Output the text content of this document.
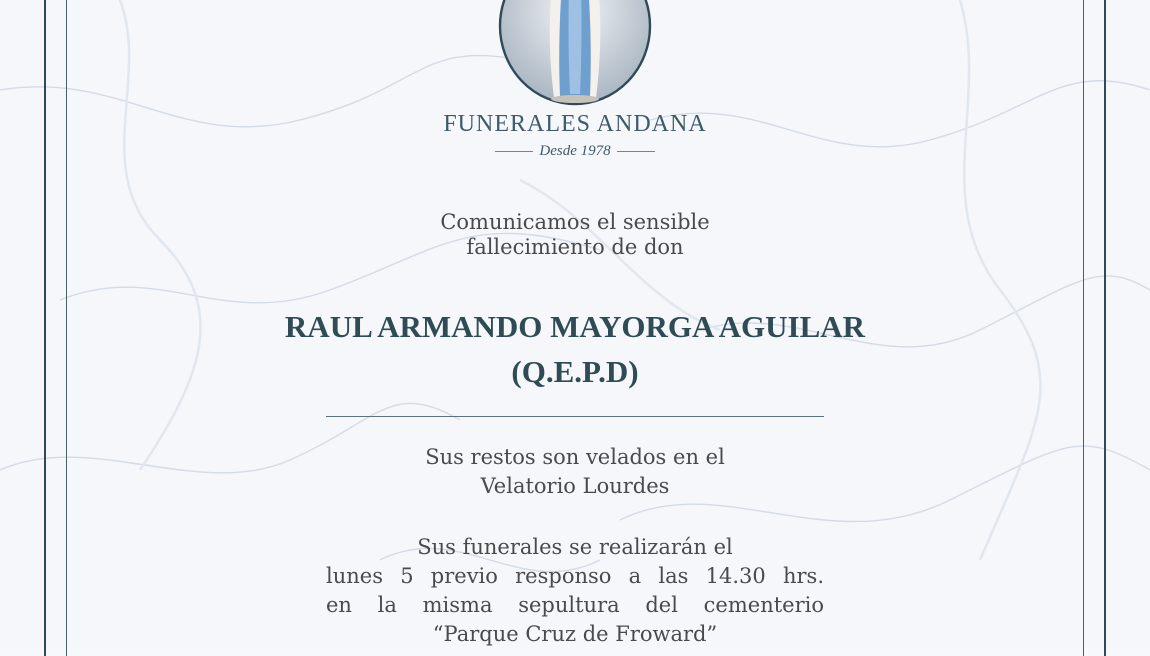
FUNERALES ANDANA
Desde 1978
Comunicamos el sensible
fallecimiento de don
RAUL ARMANDO MAYORGA AGUILAR
(Q.E.P.D)
Sus restos son velados en el
Velatorio Lourdes
Sus funerales se realizarán el
lunes 5 previo responso a las 14.30 hrs.
en la misma sepultura del cementerio
“Parque Cruz de Froward”
